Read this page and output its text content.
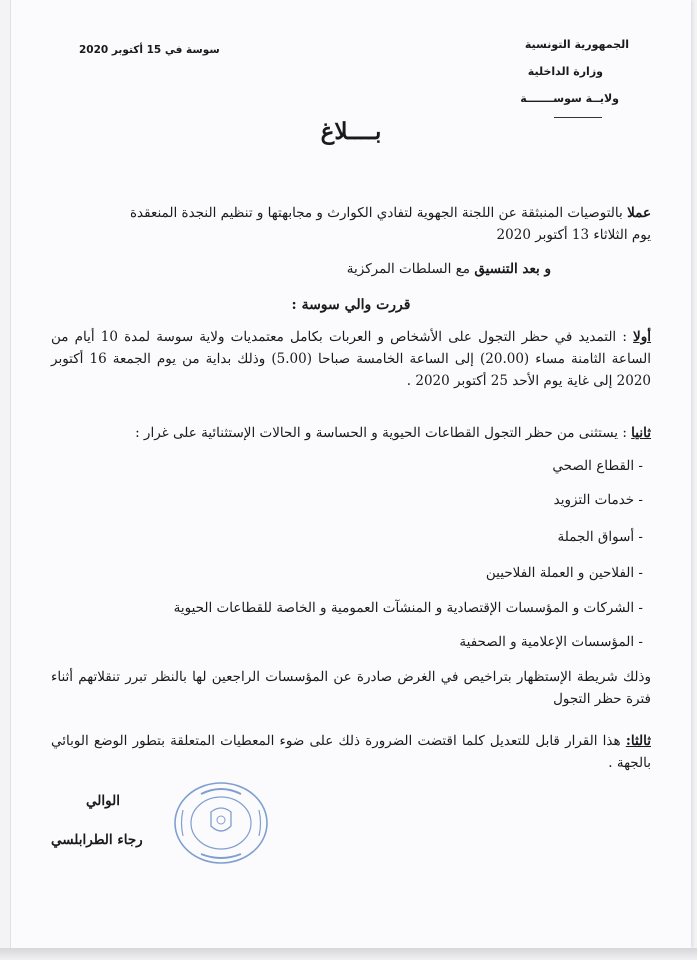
الجمهورية التونسية
وزارة الداخلية
ولايــة سوســـــــة
سوسة في 15 أكتوبر 2020
بــــلاغ
عملا بالتوصيات المنبثقة عن اللجنة الجهوية لتفادي الكوارث و مجابهتها و تنظيم النجدة المنعقدة
يوم الثلاثاء 13 أكتوبر 2020
و بعد التنسيق مع السلطات المركزية
قررت والي سوسة :
أولا : التمديد في حظر التجول على الأشخاص و العربات بكامل معتمديات ولاية سوسة لمدة 10 أيام من الساعة الثامنة مساء (20.00) إلى الساعة الخامسة صباحا (5.00) وذلك بداية من يوم الجمعة 16 أكتوبر 2020 إلى غاية يوم الأحد 25 أكتوبر 2020 .
ثانيا : يستثنى من حظر التجول القطاعات الحيوية و الحساسة و الحالات الإستثنائية على غرار :
- القطاع الصحي
- خدمات التزويد
- أسواق الجملة
- الفلاحين و العملة الفلاحيين
- الشركات و المؤسسات الإقتصادية و المنشآت العمومية و الخاصة للقطاعات الحيوية
- المؤسسات الإعلامية و الصحفية
وذلك شريطة الإستظهار بتراخيص في الغرض صادرة عن المؤسسات الراجعين لها بالنظر تبرر تنقلاتهم أثناء فترة حظر التجول
ثالثا: هذا القرار قابل للتعديل كلما اقتضت الضرورة ذلك على ضوء المعطيات المتعلقة بتطور الوضع الوبائي بالجهة .
الوالي
رجاء الطرابلسي
